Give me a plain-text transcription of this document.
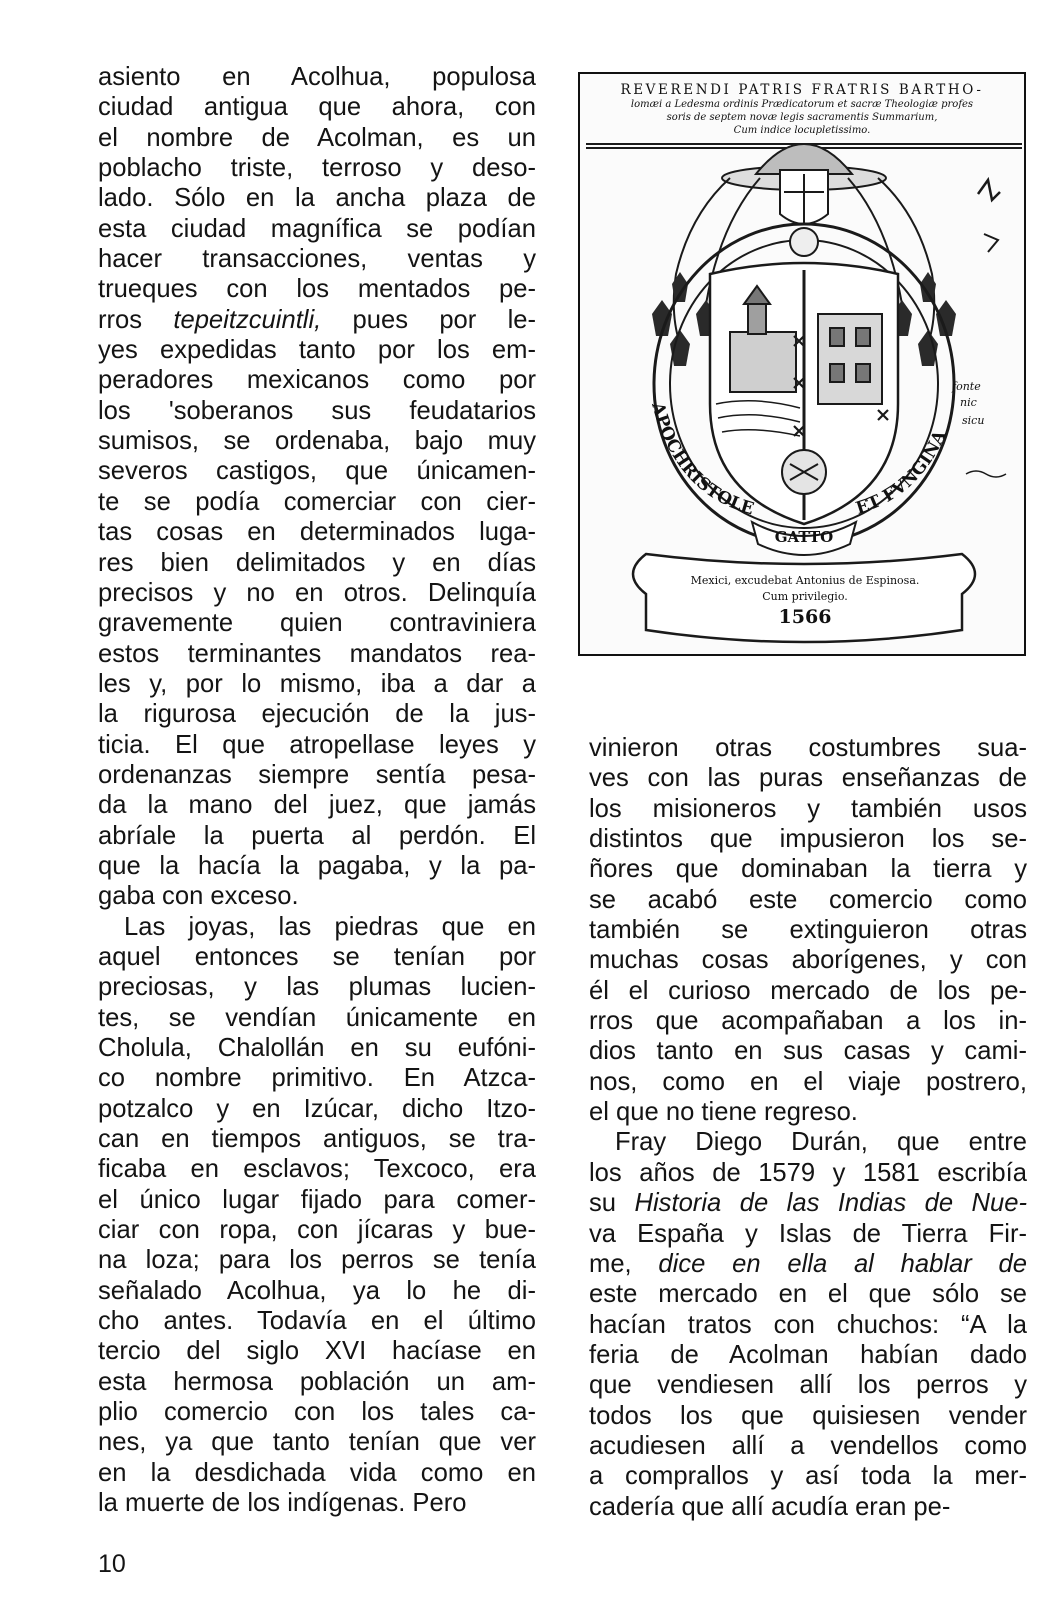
asiento en Acolhua, populosa
ciudad antigua que ahora, con
el nombre de Acolman, es un
poblacho triste, terroso y deso-
lado. Sólo en la ancha plaza de
esta ciudad magnífica se podían
hacer transacciones, ventas y
trueques con los mentados pe-
rros tepeitzcuintli, pues por le-
yes expedidas tanto por los em-
peradores mexicanos como por
los 'soberanos sus feudatarios
sumisos, se ordenaba, bajo muy
severos castigos, que únicamen-
te se podía comerciar con cier-
tas cosas en determinados luga-
res bien delimitados y en días
precisos y no en otros. Delinquía
gravemente quien contraviniera
estos terminantes mandatos rea-
les y, por lo mismo, iba a dar a
la rigurosa ejecución de la jus-
ticia. El que atropellase leyes y
ordenanzas siempre sentía pesa-
da la mano del juez, que jamás
abríale la puerta al perdón. El
que la hacía la pagaba, y la pa-
gaba con exceso.
Las joyas, las piedras que en
aquel entonces se tenían por
preciosas, y las plumas lucien-
tes, se vendían únicamente en
Cholula, Chalollán en su eufóni-
co nombre primitivo. En Atzca-
potzalco y en Izúcar, dicho Itzo-
can en tiempos antiguos, se tra-
ficaba en esclavos; Texcoco, era
el único lugar fijado para comer-
ciar con ropa, con jícaras y bue-
na loza; para los perros se tenía
señalado Acolhua, ya lo he di-
cho antes. Todavía en el último
tercio del siglo XVI hacíase en
esta hermosa población un am-
plio comercio con los tales ca-
nes, ya que tanto tenían que ver
en la desdichada vida como en
la muerte de los indígenas. Pero
vinieron otras costumbres sua-
ves con las puras enseñanzas de
los misioneros y también usos
distintos que impusieron los se-
ñores que dominaban la tierra y
se acabó este comercio como
también se extinguieron otras
muchas cosas aborígenes, y con
él el curioso mercado de los pe-
rros que acompañaban a los in-
dios tanto en sus casas y cami-
nos, como en el viaje postrero,
el que no tiene regreso.
Fray Diego Durán, que entre
los años de 1579 y 1581 escribía
su Historia de las Indias de Nue-
va España y Islas de Tierra Fir-
me, dice en ella al hablar de
este mercado en el que sólo se
hacían tratos con chuchos: “A la
feria de Acolman habían dado
que vendiesen allí los perros y
todos los que quisiesen vender
acudiesen allí a vendellos como
a comprallos y así toda la mer-
cadería que allí acudía eran pe-
REVERENDI PATRIS FRATRIS BARTHO-
lomæi a Ledesma ordinis Prædicatorum et sacræ Theologiæ profes
soris de septem novæ legis sacramentis Summarium,
Cum indice locupletissimo.
APOCHRISTOLE	ET FVNGINA
GATTO
fonte
nic
sicu
Mexici, excudebat Antonius de Espinosa.
Cum privilegio.
1566
10
